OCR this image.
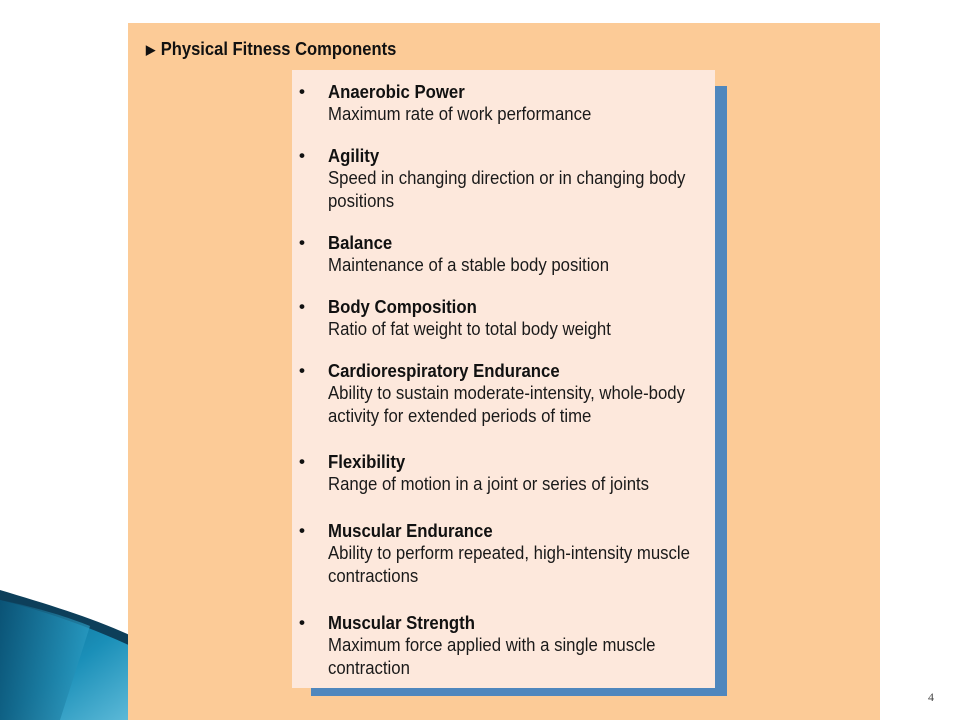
▶ Physical Fitness Components
• Anaerobic Power
Maximum rate of work performance
• Agility
Speed in changing direction or in changing body positions
• Balance
Maintenance of a stable body position
• Body Composition
Ratio of fat weight to total body weight
• Cardiorespiratory Endurance
Ability to sustain moderate-intensity, whole-body activity for extended periods of time
• Flexibility
Range of motion in a joint or series of joints
• Muscular Endurance
Ability to perform repeated, high-intensity muscle contractions
• Muscular Strength
Maximum force applied with a single muscle contraction
4
